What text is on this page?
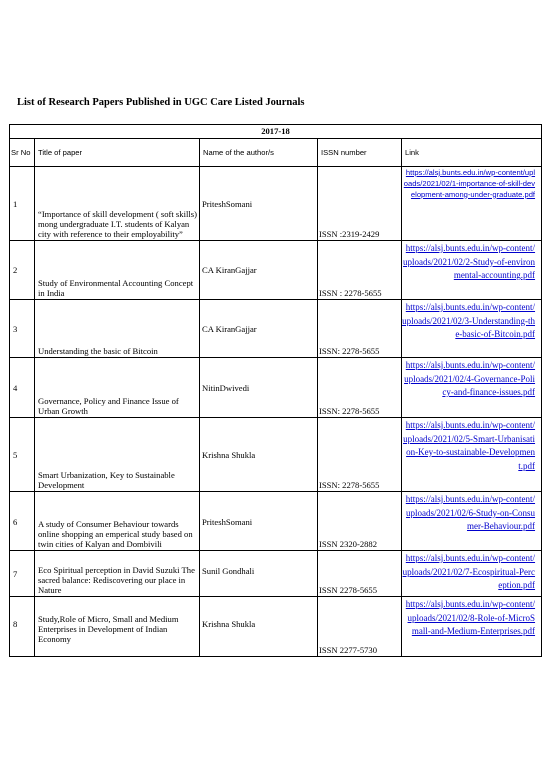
List of Research Papers Published in UGC Care Listed Journals
2017-18				
Sr No	Title of paper	Name of the author/s	ISSN number	Link

1	“Importance of skill development ( soft skills) mong undergraduate I.T. students of Kalyan city with reference to their employability”	PriteshSomani	ISSN :2319-2429	https://alsj.bunts.edu.in/wp-content/uploads/2021/02/1-importance-of-skill-development-among-under-graduate.pdf

2	Study of Environmental Accounting Concept in India	CA KiranGajjar	ISSN : 2278-5655	https://alsj.bunts.edu.in/wp-content/uploads/2021/02/2-Study-of-environmental-accounting.pdf

3	Understanding the basic of Bitcoin	CA KiranGajjar	ISSN: 2278-5655	https://alsj.bunts.edu.in/wp-content/uploads/2021/02/3-Understanding-the-basic-of-Bitcoin.pdf

4	Governance, Policy and Finance Issue of Urban Growth	NitinDwivedi	ISSN: 2278-5655	https://alsj.bunts.edu.in/wp-content/uploads/2021/02/4-Governance-Policy-and-finance-issues.pdf

5	Smart Urbanization, Key to Sustainable Development	Krishna Shukla	ISSN: 2278-5655	https://alsj.bunts.edu.in/wp-content/uploads/2021/02/5-Smart-Urbanisation-Key-to-sustainable-Development.pdf

6	A study of Consumer Behaviour towards online shopping an emperical study based on twin cities of Kalyan and Dombivili	PriteshSomani	ISSN 2320-2882	https://alsj.bunts.edu.in/wp-content/uploads/2021/02/6-Study-on-Consumer-Behaviour.pdf

7	Eco Spiritual perception in David Suzuki The sacred balance: Rediscovering our place in Nature	Sunil Gondhali	ISSN 2278-5655	https://alsj.bunts.edu.in/wp-content/uploads/2021/02/7-Ecospiritual-Perception.pdf

8	Study,Role of Micro, Small and Medium Enterprises in Development of Indian Economy	Krishna Shukla	ISSN 2277-5730	https://alsj.bunts.edu.in/wp-content/uploads/2021/02/8-Role-of-MicroSmall-and-Medium-Enterprises.pdf
